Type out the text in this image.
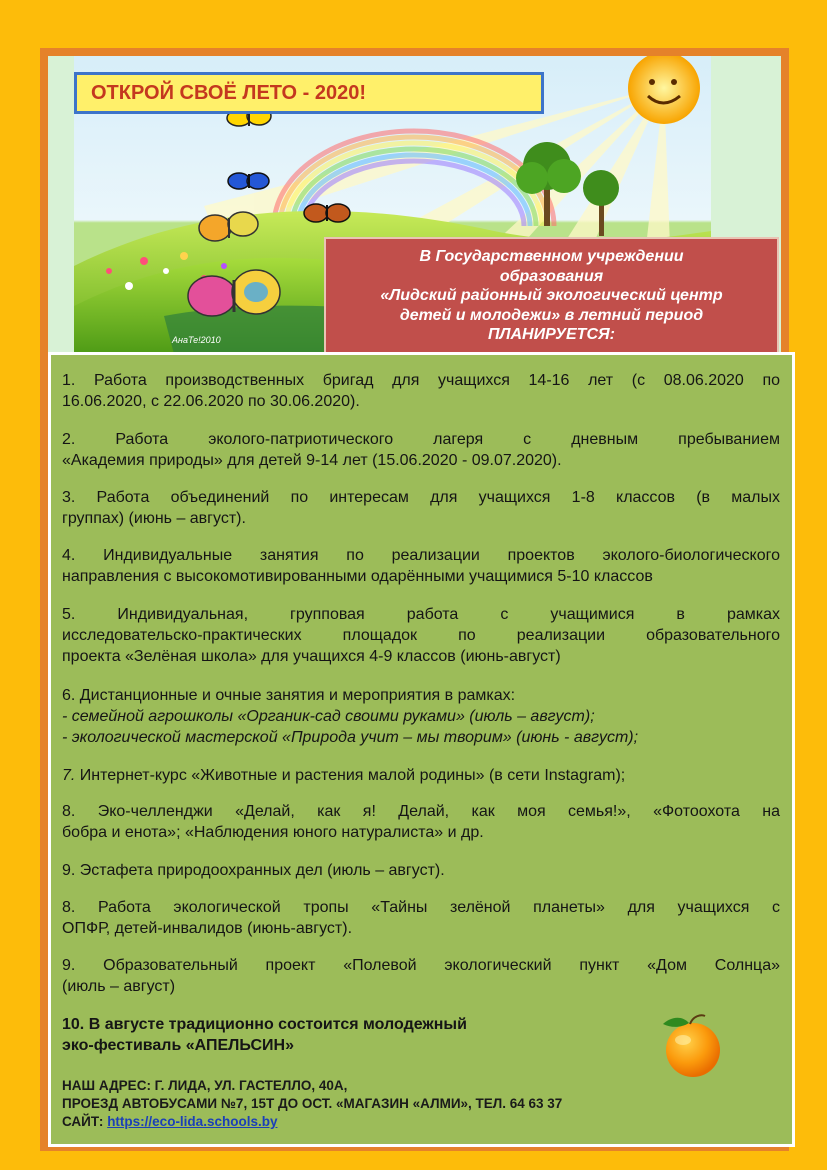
АнаТе!2010
ОТКРОЙ СВОЁ ЛЕТО - 2020!
В Государственном учреждении
образования
«Лидский районный экологический центр
детей и молодежи» в летний период
ПЛАНИРУЕТСЯ:
1. Работа производственных бригад для учащихся 14-16 лет (с 08.06.2020 по
16.06.2020, с 22.06.2020 по 30.06.2020).
2. Работа эколого-патриотического лагеря с дневным пребыванием
«Академия природы» для детей 9-14 лет (15.06.2020 - 09.07.2020).
3. Работа объединений по интересам для учащихся 1-8 классов (в малых
группах) (июнь – август).
4. Индивидуальные занятия по реализации проектов эколого-биологического
направления с высокомотивированными одарёнными учащимися 5-10 классов
5. Индивидуальная, групповая работа с учащимися в рамках
исследовательско-практических площадок по реализации образовательного
проекта «Зелёная школа» для учащихся 4-9 классов (июнь-август)
6. Дистанционные и очные занятия и мероприятия в рамках:
- семейной агрошколы «Органик-сад своими руками» (июль – август);
- экологической мастерской «Природа учит – мы творим» (июнь - август);
7. Интернет-курс «Животные и растения малой родины» (в сети Instagram);
8. Эко-челленджи «Делай, как я! Делай, как моя семья!», «Фотоохота на
бобра и енота»; «Наблюдения юного натуралиста» и др.
9. Эстафета природоохранных дел (июль – август).
8. Работа экологической тропы «Тайны зелёной планеты» для учащихся с
ОПФР, детей-инвалидов (июнь-август).
9. Образовательный проект «Полевой экологический пункт «Дом Солнца»
(июль – август)
10. В августе традиционно состоится молодежный
эко-фестиваль «АПЕЛЬСИН»
НАШ АДРЕС: Г. ЛИДА, УЛ. ГАСТЕЛЛО, 40А,
ПРОЕЗД АВТОБУСАМИ №7, 15Т ДО ОСТ. «МАГАЗИН «АЛМИ», ТЕЛ. 64 63 37
САЙТ: https://eco-lida.schools.by
